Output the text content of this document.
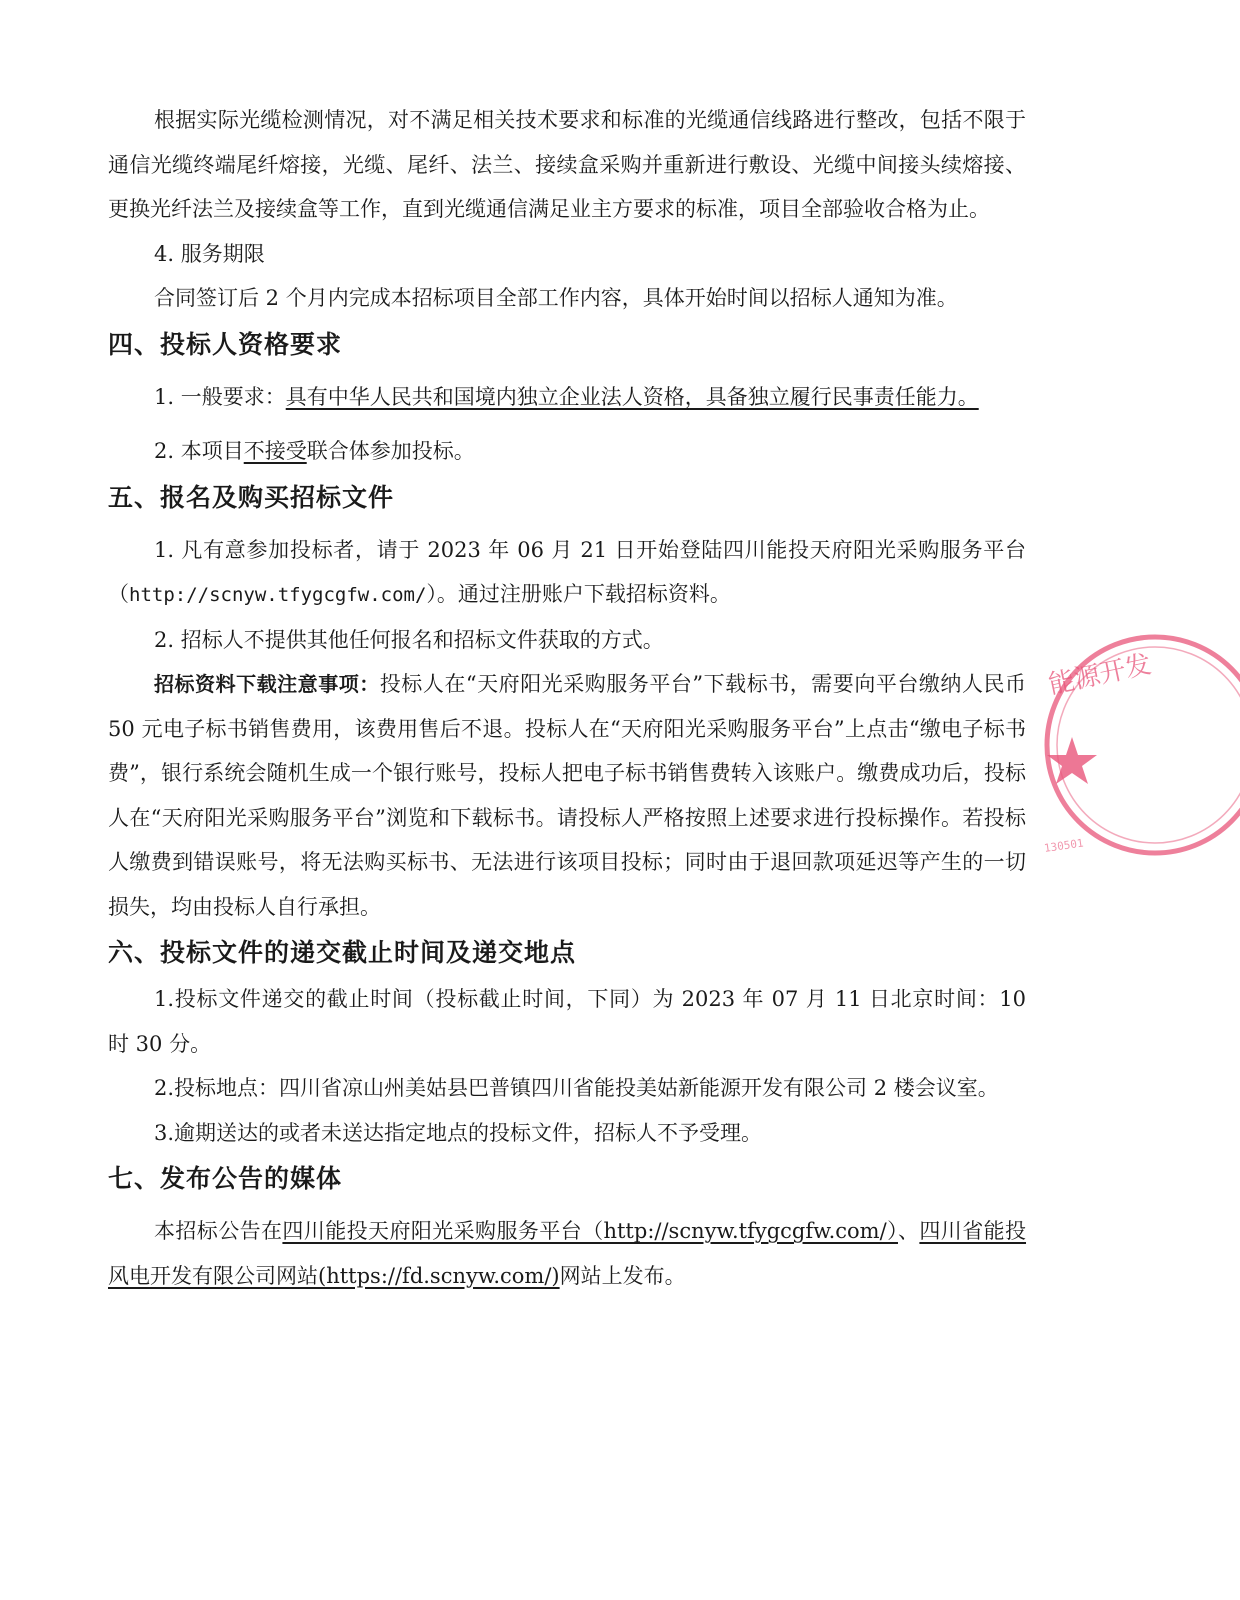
根据实际光缆检测情况，对不满足相关技术要求和标准的光缆通信线路进行整改，包括不限于通信光缆终端尾纤熔接，光缆、尾纤、法兰、接续盒采购并重新进行敷设、光缆中间接头续熔接、更换光纤法兰及接续盒等工作，直到光缆通信满足业主方要求的标准，项目全部验收合格为止。

4. 服务期限

合同签订后 2 个月内完成本招标项目全部工作内容，具体开始时间以招标人通知为准。

四、投标人资格要求

1. 一般要求：具有中华人民共和国境内独立企业法人资格，具备独立履行民事责任能力。

2. 本项目不接受联合体参加投标。

五、报名及购买招标文件

1. 凡有意参加投标者，请于 2023 年 06 月 21 日开始登陆四川能投天府阳光采购服务平台（http://scnyw.tfygcgfw.com/）。通过注册账户下载招标资料。

2. 招标人不提供其他任何报名和招标文件获取的方式。

招标资料下载注意事项：投标人在“天府阳光采购服务平台”下载标书，需要向平台缴纳人民币 50 元电子标书销售费用，该费用售后不退。投标人在“天府阳光采购服务平台”上点击“缴电子标书费”，银行系统会随机生成一个银行账号，投标人把电子标书销售费转入该账户。缴费成功后，投标人在“天府阳光采购服务平台”浏览和下载标书。请投标人严格按照上述要求进行投标操作。若投标人缴费到错误账号，将无法购买标书、无法进行该项目投标；同时由于退回款项延迟等产生的一切损失，均由投标人自行承担。

六、投标文件的递交截止时间及递交地点

1.投标文件递交的截止时间（投标截止时间，下同）为 2023 年 07 月 11 日北京时间：10 时 30 分。

2.投标地点：四川省凉山州美姑县巴普镇四川省能投美姑新能源开发有限公司 2 楼会议室。

3.逾期送达的或者未送达指定地点的投标文件，招标人不予受理。

七、发布公告的媒体

本招标公告在四川能投天府阳光采购服务平台（http://scnyw.tfygcgfw.com/）、四川省能投风电开发有限公司网站(https://fd.scnyw.com/)网站上发布。

能源开发
130501
